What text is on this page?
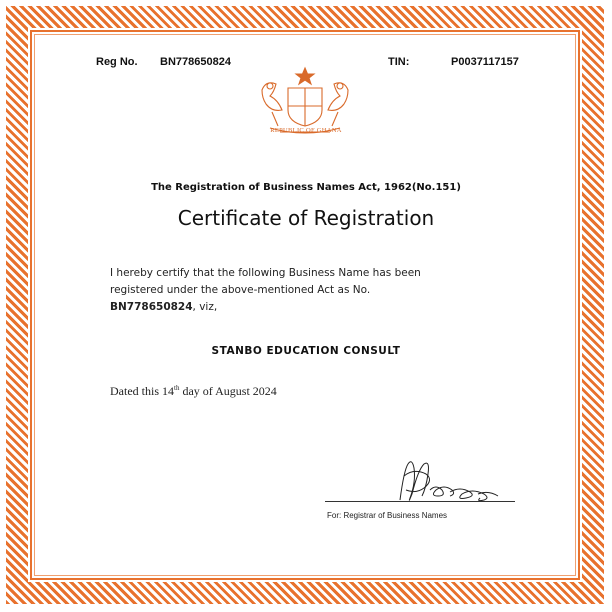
Reg No. BN778650824	TIN:	P0037117157
REPUBLIC OF GHANA
The Registration of Business Names Act, 1962(No.151)
Certificate of Registration
I hereby certify that the following Business Name has been
registered under the above-mentioned Act as No.
BN778650824, viz,
STANBO EDUCATION CONSULT
Dated this 14th day of August 2024
For: Registrar of Business Names
